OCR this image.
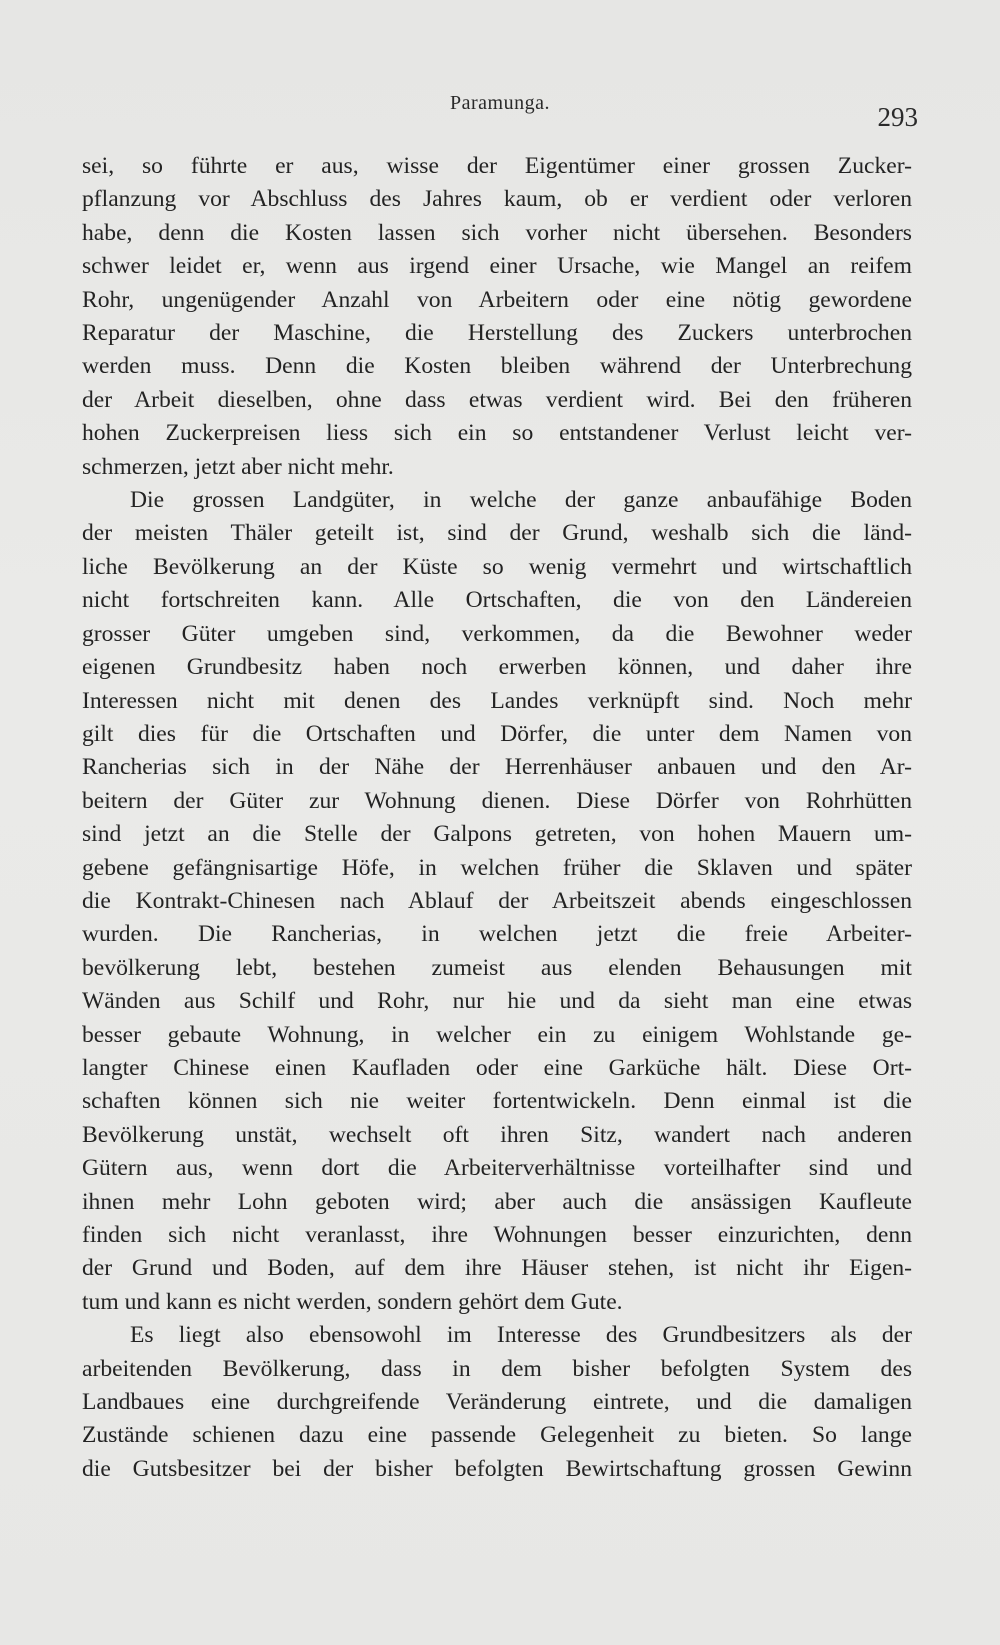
Paramunga.	293
sei, so führte er aus, wisse der Eigentümer einer grossen Zucker-
pflanzung vor Abschluss des Jahres kaum, ob er verdient oder verloren
habe, denn die Kosten lassen sich vorher nicht übersehen. Besonders
schwer leidet er, wenn aus irgend einer Ursache, wie Mangel an reifem
Rohr, ungenügender Anzahl von Arbeitern oder eine nötig gewordene
Reparatur der Maschine, die Herstellung des Zuckers unterbrochen
werden muss. Denn die Kosten bleiben während der Unterbrechung
der Arbeit dieselben, ohne dass etwas verdient wird. Bei den früheren
hohen Zuckerpreisen liess sich ein so entstandener Verlust leicht ver-
schmerzen, jetzt aber nicht mehr.
Die grossen Landgüter, in welche der ganze anbaufähige Boden
der meisten Thäler geteilt ist, sind der Grund, weshalb sich die länd-
liche Bevölkerung an der Küste so wenig vermehrt und wirtschaftlich
nicht fortschreiten kann. Alle Ortschaften, die von den Ländereien
grosser Güter umgeben sind, verkommen, da die Bewohner weder
eigenen Grundbesitz haben noch erwerben können, und daher ihre
Interessen nicht mit denen des Landes verknüpft sind. Noch mehr
gilt dies für die Ortschaften und Dörfer, die unter dem Namen von
Rancherias sich in der Nähe der Herrenhäuser anbauen und den Ar-
beitern der Güter zur Wohnung dienen. Diese Dörfer von Rohrhütten
sind jetzt an die Stelle der Galpons getreten, von hohen Mauern um-
gebene gefängnisartige Höfe, in welchen früher die Sklaven und später
die Kontrakt-Chinesen nach Ablauf der Arbeitszeit abends eingeschlossen
wurden. Die Rancherias, in welchen jetzt die freie Arbeiter-
bevölkerung lebt, bestehen zumeist aus elenden Behausungen mit
Wänden aus Schilf und Rohr, nur hie und da sieht man eine etwas
besser gebaute Wohnung, in welcher ein zu einigem Wohlstande ge-
langter Chinese einen Kaufladen oder eine Garküche hält. Diese Ort-
schaften können sich nie weiter fortentwickeln. Denn einmal ist die
Bevölkerung unstät, wechselt oft ihren Sitz, wandert nach anderen
Gütern aus, wenn dort die Arbeiterverhältnisse vorteilhafter sind und
ihnen mehr Lohn geboten wird; aber auch die ansässigen Kaufleute
finden sich nicht veranlasst, ihre Wohnungen besser einzurichten, denn
der Grund und Boden, auf dem ihre Häuser stehen, ist nicht ihr Eigen-
tum und kann es nicht werden, sondern gehört dem Gute.
Es liegt also ebensowohl im Interesse des Grundbesitzers als der
arbeitenden Bevölkerung, dass in dem bisher befolgten System des
Landbaues eine durchgreifende Veränderung eintrete, und die damaligen
Zustände schienen dazu eine passende Gelegenheit zu bieten. So lange
die Gutsbesitzer bei der bisher befolgten Bewirtschaftung grossen Gewinn
